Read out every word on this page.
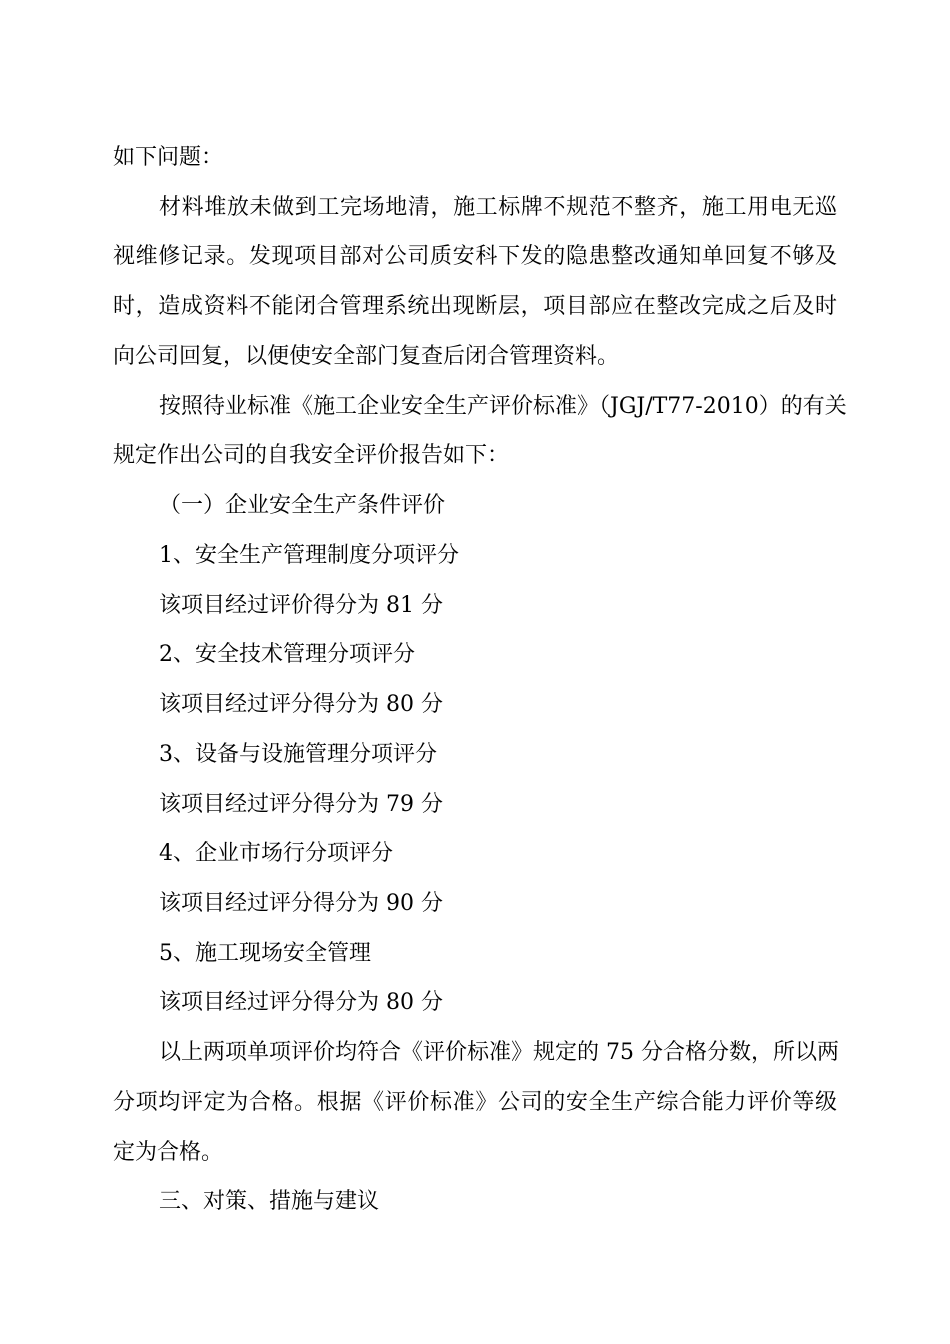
如下问题：
材料堆放未做到工完场地清，施工标牌不规范不整齐，施工用电无巡
视维修记录。发现项目部对公司质安科下发的隐患整改通知单回复不够及
时，造成资料不能闭合管理系统出现断层，项目部应在整改完成之后及时
向公司回复，以便使安全部门复查后闭合管理资料。
按照待业标准《施工企业安全生产评价标准》（JGJ/T77-2010）的有关
规定作出公司的自我安全评价报告如下：
（一）企业安全生产条件评价
1、安全生产管理制度分项评分
该项目经过评价得分为 81 分
2、安全技术管理分项评分
该项目经过评分得分为 80 分
3、设备与设施管理分项评分
该项目经过评分得分为 79 分
4、企业市场行分项评分
该项目经过评分得分为 90 分
5、施工现场安全管理
该项目经过评分得分为 80 分
以上两项单项评价均符合《评价标准》规定的 75 分合格分数，所以两
分项均评定为合格。根据《评价标准》公司的安全生产综合能力评价等级
定为合格。
三、对策、措施与建议
